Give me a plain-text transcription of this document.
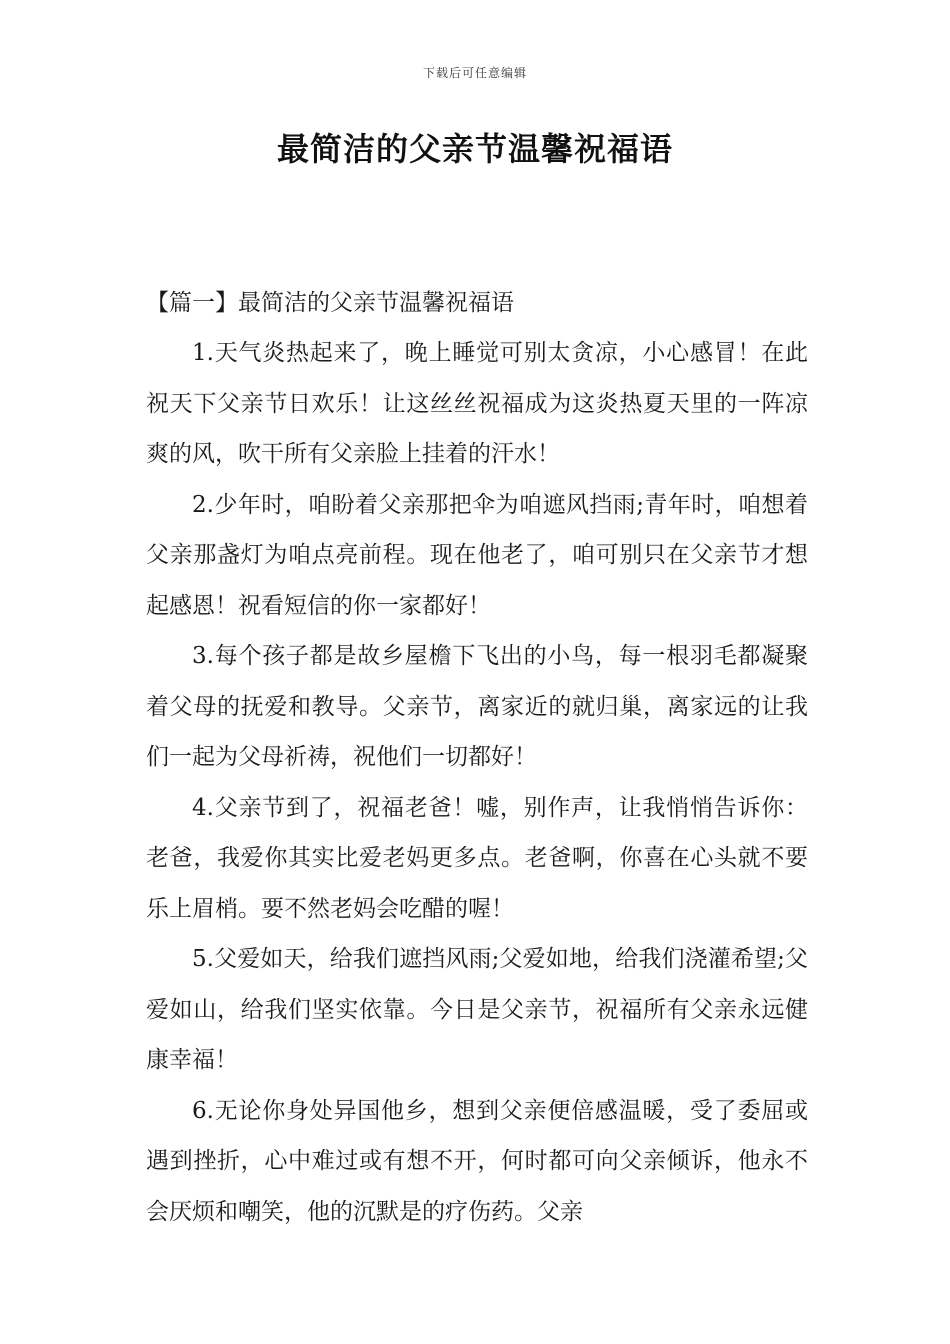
下载后可任意编辑
最简洁的父亲节温馨祝福语
【篇一】最简洁的父亲节温馨祝福语

1.天气炎热起来了，晚上睡觉可别太贪凉，小心感冒！在此祝天下父亲节日欢乐！让这丝丝祝福成为这炎热夏天里的一阵凉爽的风，吹干所有父亲脸上挂着的汗水！

2.少年时，咱盼着父亲那把伞为咱遮风挡雨;青年时，咱想着父亲那盏灯为咱点亮前程。现在他老了，咱可别只在父亲节才想起感恩！祝看短信的你一家都好！

3.每个孩子都是故乡屋檐下飞出的小鸟，每一根羽毛都凝聚着父母的抚爱和教导。父亲节，离家近的就归巢，离家远的让我们一起为父母祈祷，祝他们一切都好！

4.父亲节到了，祝福老爸！嘘，别作声，让我悄悄告诉你：老爸，我爱你其实比爱老妈更多点。老爸啊，你喜在心头就不要乐上眉梢。要不然老妈会吃醋的喔！

5.父爱如天，给我们遮挡风雨;父爱如地，给我们浇灌希望;父爱如山，给我们坚实依靠。今日是父亲节，祝福所有父亲永远健康幸福！

6.无论你身处异国他乡，想到父亲便倍感温暖，受了委屈或遇到挫折，心中难过或有想不开，何时都可向父亲倾诉，他永不会厌烦和嘲笑，他的沉默是的疗伤药。父亲
